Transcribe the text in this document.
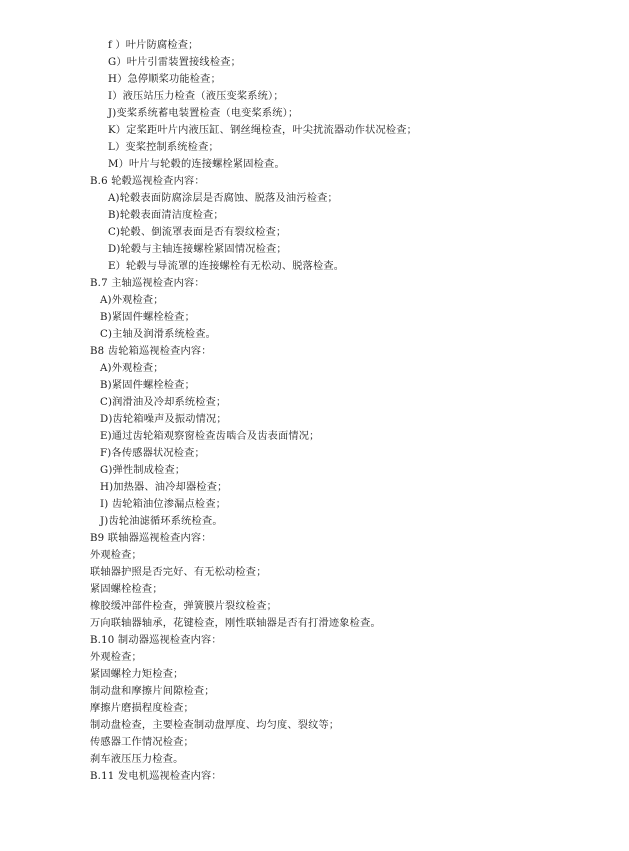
f ）叶片防腐检查；
G）叶片引雷装置接线检查；
H）急停顺桨功能检查；
I）液压站压力检查（液压变桨系统）；
J)变桨系统蓄电装置检查（电变桨系统）；
K）定桨距叶片内液压缸、钢丝绳检查，叶尖扰流器动作状况检查；
L）变桨控制系统检查；
M）叶片与轮毂的连接螺栓紧固检查。
B.6 轮毂巡视检查内容：
A)轮毂表面防腐涂层是否腐蚀、脱落及油污检查；
B)轮毂表面清洁度检查；
C)轮毂、倒流罩表面是否有裂纹检查；
D)轮毂与主轴连接螺栓紧固情况检查；
E）轮毂与导流罩的连接螺栓有无松动、脱落检查。
B.7 主轴巡视检查内容：
A)外观检查；
B)紧固件螺栓检查；
C)主轴及润滑系统检查。
B8 齿轮箱巡视检查内容：
A)外观检查；
B)紧固件螺栓检查；
C)润滑油及冷却系统检查；
D)齿轮箱噪声及振动情况；
E)通过齿轮箱观察窗检查齿啮合及齿表面情况；
F)各传感器状况检查；
G)弹性制成检查；
H)加热器、油冷却器检查；
I) 齿轮箱油位渗漏点检查；
J)齿轮油滤循环系统检查。
B9 联轴器巡视检查内容：
外观检查；
联轴器护照是否完好、有无松动检查；
紧固螺栓检查；
橡胶缓冲部件检查，弹簧膜片裂纹检查；
万向联轴器轴承，花键检查，刚性联轴器是否有打滑迹象检查。
B.10 制动器巡视检查内容：
外观检查；
紧固螺栓力矩检查；
制动盘和摩擦片间隙检查；
摩擦片磨损程度检查；
制动盘检查，主要检查制动盘厚度、均匀度、裂纹等；
传感器工作情况检查；
刹车液压压力检查。
B.11 发电机巡视检查内容：
